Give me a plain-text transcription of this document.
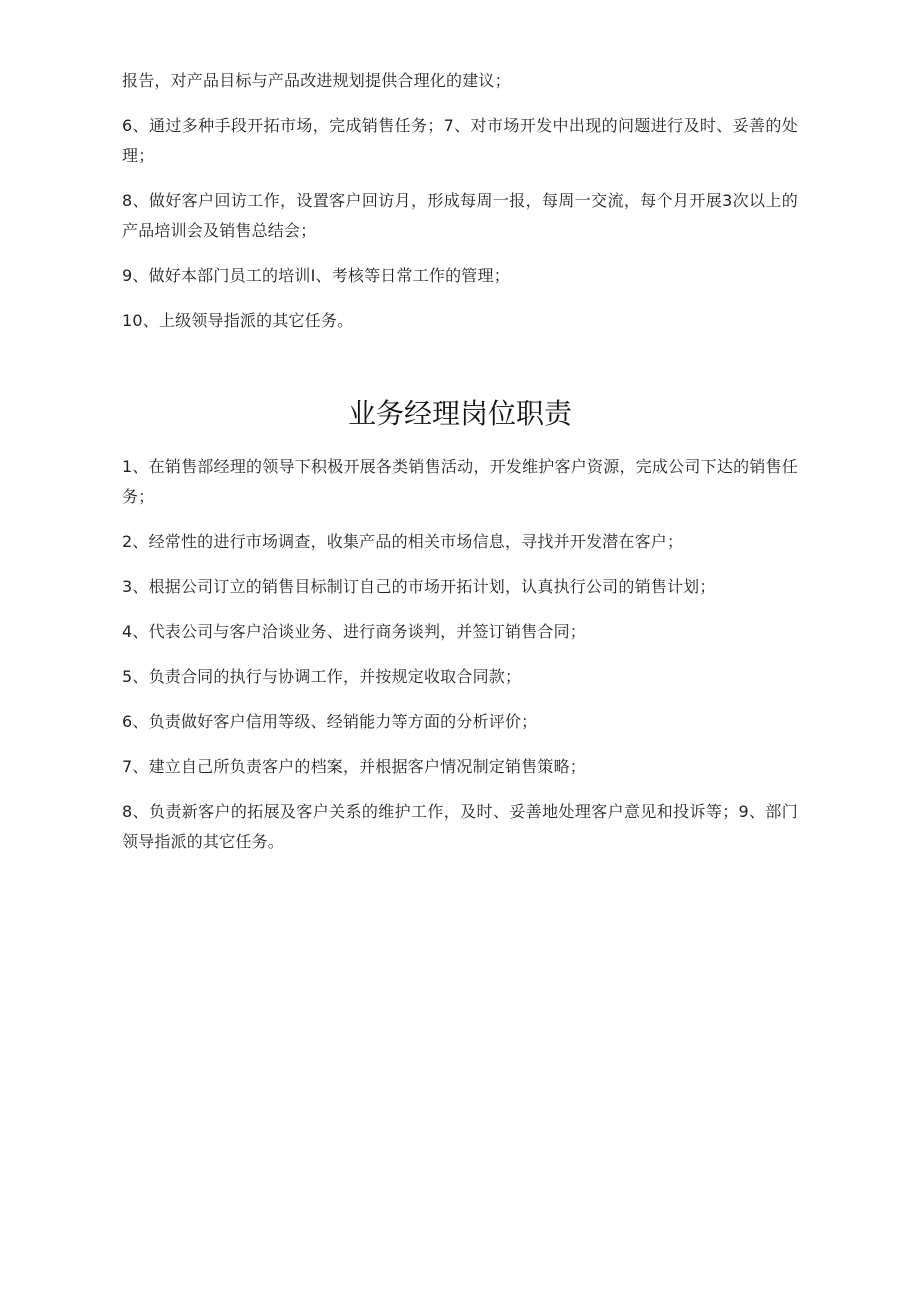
报告，对产品目标与产品改进规划提供合理化的建议；

6、通过多种手段开拓市场，完成销售任务；7、对市场开发中出现的问题进行及时、妥善的处理；

8、做好客户回访工作，设置客户回访月，形成每周一报，每周一交流，每个月开展3次以上的产品培训会及销售总结会；

9、做好本部门员工的培训I、考核等日常工作的管理；

10、上级领导指派的其它任务。

业务经理岗位职责

1、在销售部经理的领导下积极开展各类销售活动，开发维护客户资源，完成公司下达的销售任务；

2、经常性的进行市场调查，收集产品的相关市场信息，寻找并开发潜在客户；

3、根据公司订立的销售目标制订自己的市场开拓计划，认真执行公司的销售计划；

4、代表公司与客户洽谈业务、进行商务谈判，并签订销售合同；

5、负责合同的执行与协调工作，并按规定收取合同款；

6、负责做好客户信用等级、经销能力等方面的分析评价；

7、建立自己所负责客户的档案，并根据客户情况制定销售策略；

8、负责新客户的拓展及客户关系的维护工作，及时、妥善地处理客户意见和投诉等；9、部门领导指派的其它任务。
